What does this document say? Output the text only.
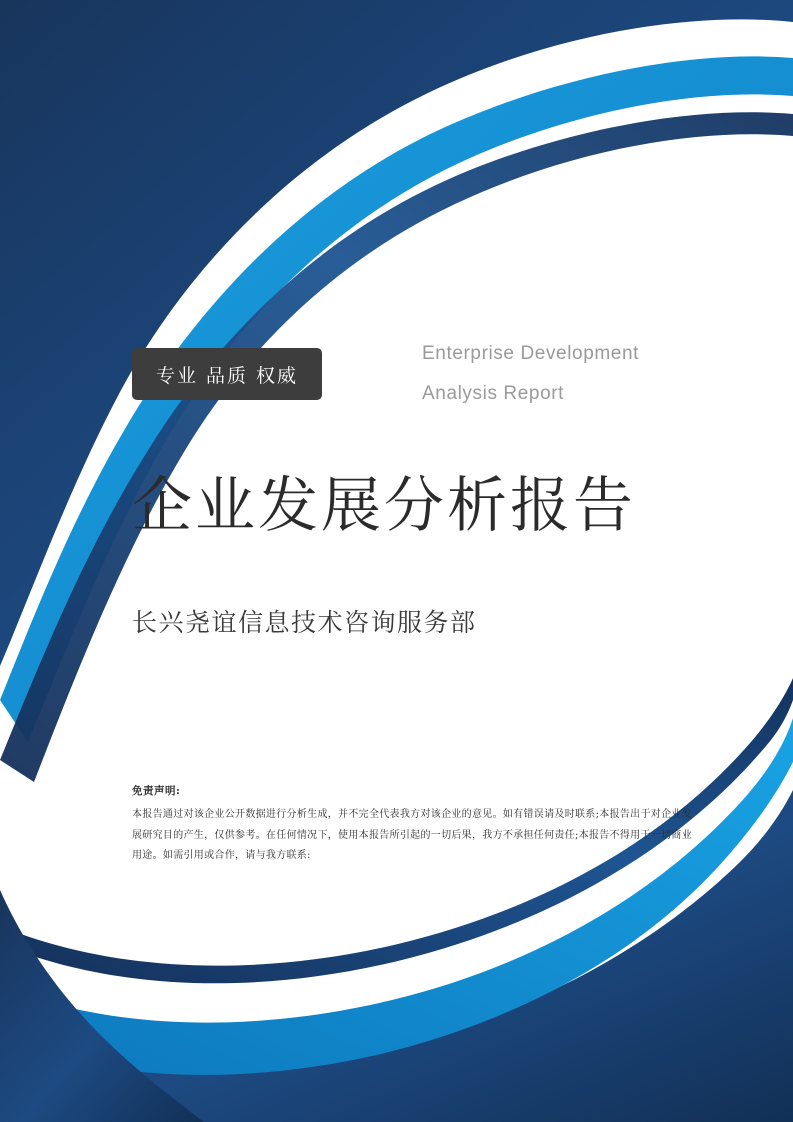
专业 品质 权威
Enterprise Development
Analysis Report
企业发展分析报告
长兴尧谊信息技术咨询服务部
免责声明:
本报告通过对该企业公开数据进行分析生成，并不完全代表我方对该企业的意见。如有错误请及时联系;本报告出于对企业发展研究目的产生，仅供参考。在任何情况下，使用本报告所引起的一切后果，我方不承担任何责任;本报告不得用于一切商业用途。如需引用或合作，请与我方联系:
